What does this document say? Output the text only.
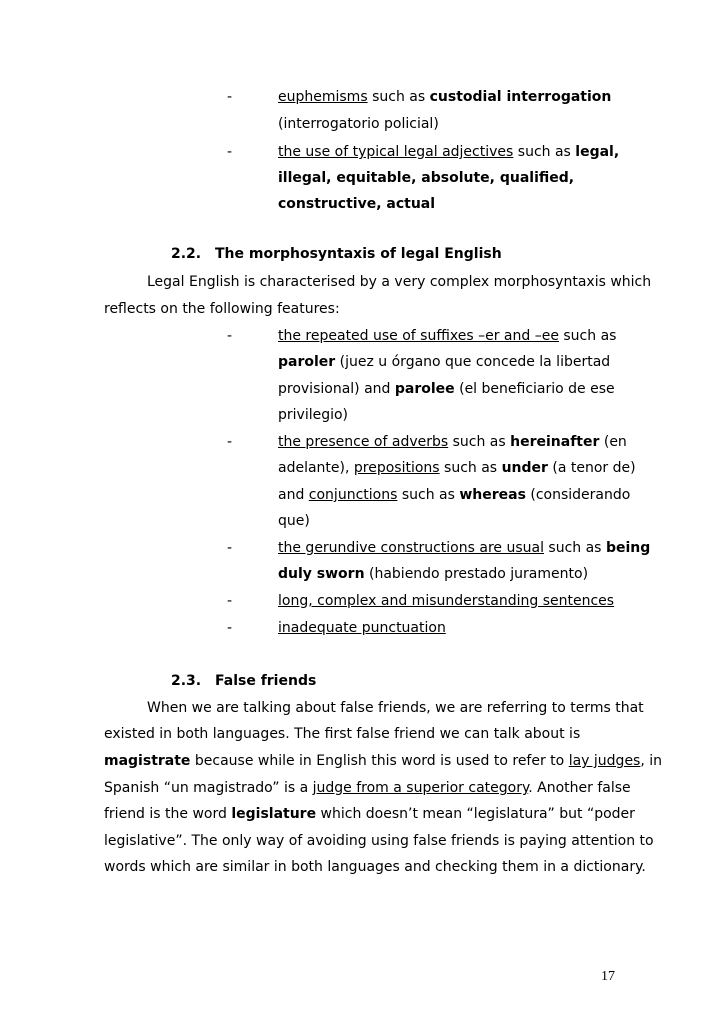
-	euphemisms such as custodial interrogation
(interrogatorio policial)
-	the use of typical legal adjectives such as legal,
illegal, equitable, absolute, qualified,
constructive, actual
2.2. The morphosyntaxis of legal English
Legal English is characterised by a very complex morphosyntaxis which
reflects on the following features:
-	the repeated use of suffixes –er and –ee such as
paroler (juez u órgano que concede la libertad
provisional) and parolee (el beneficiario de ese
privilegio)
-	the presence of adverbs such as hereinafter (en
adelante), prepositions such as under (a tenor de)
and conjunctions such as whereas (considerando
que)
-	the gerundive constructions are usual such as being
duly sworn (habiendo prestado juramento)
-	long, complex and misunderstanding sentences
-	inadequate punctuation
2.3. False friends
When we are talking about false friends, we are referring to terms that
existed in both languages. The first false friend we can talk about is
magistrate because while in English this word is used to refer to lay judges, in
Spanish “un magistrado” is a judge from a superior category. Another false
friend is the word legislature which doesn’t mean “legislatura” but “poder
legislative”. The only way of avoiding using false friends is paying attention to
words which are similar in both languages and checking them in a dictionary.
17
